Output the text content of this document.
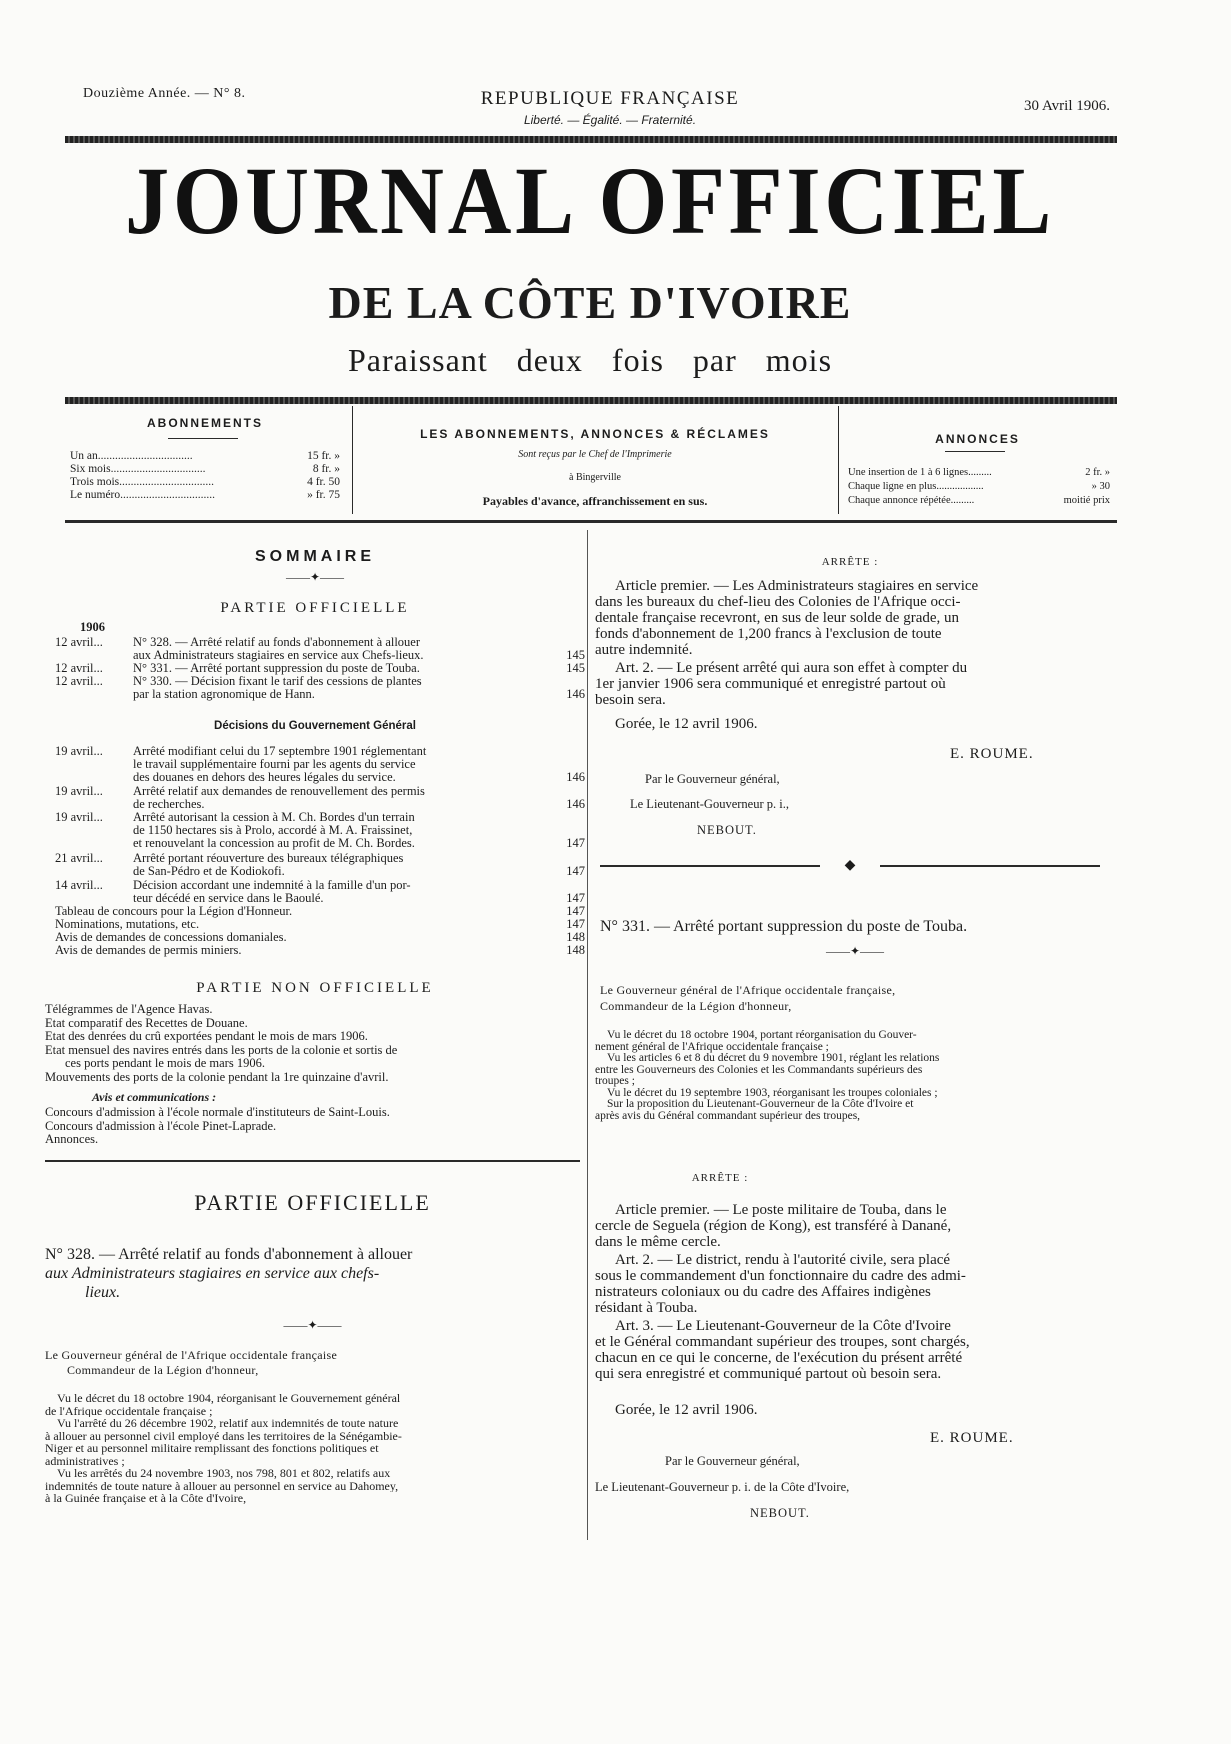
Douzième Année. — N° 8.	REPUBLIQUE FRANÇAISE
Liberté. — Égalité. — Fraternité.
30 Avril 1906.
JOURNAL OFFICIEL
DE LA CÔTE D'IVOIRE
Paraissant deux fois par mois
ABONNEMENTS
Un an.................................	15 fr. »
Six mois.................................	8 fr. »
Trois mois.................................	4 fr. 50
Le numéro.................................	» fr. 75
LES ABONNEMENTS, ANNONCES & RÉCLAMES
Sont reçus par le Chef de l'Imprimerie
à Bingerville
Payables d'avance, affranchissement en sus.
ANNONCES
Une insertion de 1 à 6 lignes.........	2 fr. »
Chaque ligne en plus..................	» 30
Chaque annonce répétée.........	moitié prix
SOMMAIRE
——✦——
PARTIE OFFICIELLE
1906
12 avril... N° 328. — Arrêté relatif au fonds d'abonnement à allouer
aux Administrateurs stagiaires en service aux Chefs-lieux.	145
12 avril... N° 331. — Arrêté portant suppression du poste de Touba.	145
12 avril... N° 330. — Décision fixant le tarif des cessions de plantes
par la station agronomique de Hann.	146
Décisions du Gouvernement Général
19 avril... Arrêté modifiant celui du 17 septembre 1901 réglementant
le travail supplémentaire fourni par les agents du service
des douanes en dehors des heures légales du service.	146
19 avril... Arrêté relatif aux demandes de renouvellement des permis
de recherches.	146
19 avril... Arrêté autorisant la cession à M. Ch. Bordes d'un terrain
de 1150 hectares sis à Prolo, accordé à M. A. Fraissinet,
et renouvelant la concession au profit de M. Ch. Bordes.	147
21 avril... Arrêté portant réouverture des bureaux télégraphiques
de San-Pédro et de Kodiokofi.	147
14 avril... Décision accordant une indemnité à la famille d'un por-
teur décédé en service dans le Baoulé.	147
Tableau de concours pour la Légion d'Honneur.	147
Nominations, mutations, etc.	147
Avis de demandes de concessions domaniales.	148
Avis de demandes de permis miniers.	148
PARTIE NON OFFICIELLE
Télégrammes de l'Agence Havas.
Etat comparatif des Recettes de Douane.
Etat des denrées du crû exportées pendant le mois de mars 1906.
Etat mensuel des navires entrés dans les ports de la colonie et sortis de
ces ports pendant le mois de mars 1906.
Mouvements des ports de la colonie pendant la 1re quinzaine d'avril.
Avis et communications :
Concours d'admission à l'école normale d'instituteurs de Saint-Louis.
Concours d'admission à l'école Pinet-Laprade.
Annonces.
PARTIE OFFICIELLE
N° 328. — Arrêté relatif au fonds d'abonnement à allouer
aux Administrateurs stagiaires en service aux chefs-
lieux.
——✦——
Le Gouverneur général de l'Afrique occidentale française
Commandeur de la Légion d'honneur,
Vu le décret du 18 octobre 1904, réorganisant le Gouvernement général
de l'Afrique occidentale française ;
Vu l'arrêté du 26 décembre 1902, relatif aux indemnités de toute nature
à allouer au personnel civil employé dans les territoires de la Sénégambie-
Niger et au personnel militaire remplissant des fonctions politiques et
administratives ;
Vu les arrêtés du 24 novembre 1903, nos 798, 801 et 802, relatifs aux
indemnités de toute nature à allouer au personnel en service au Dahomey,
à la Guinée française et à la Côte d'Ivoire,
ARRÊTE :
Article premier. — Les Administrateurs stagiaires en service
dans les bureaux du chef-lieu des Colonies de l'Afrique occi-
dentale française recevront, en sus de leur solde de grade, un
fonds d'abonnement de 1,200 francs à l'exclusion de toute
autre indemnité.
Art. 2. — Le présent arrêté qui aura son effet à compter du
1er janvier 1906 sera communiqué et enregistré partout où
besoin sera.
Gorée, le 12 avril 1906.
E. ROUME.
Par le Gouverneur général,
Le Lieutenant-Gouverneur p. i.,
NEBOUT.
◆
N° 331. — Arrêté portant suppression du poste de Touba.
——✦——
Le Gouverneur général de l'Afrique occidentale française,
Commandeur de la Légion d'honneur,
Vu le décret du 18 octobre 1904, portant réorganisation du Gouver-
nement général de l'Afrique occidentale française ;
Vu les articles 6 et 8 du décret du 9 novembre 1901, réglant les relations
entre les Gouverneurs des Colonies et les Commandants supérieurs des
troupes ;
Vu le décret du 19 septembre 1903, réorganisant les troupes coloniales ;
Sur la proposition du Lieutenant-Gouverneur de la Côte d'Ivoire et
après avis du Général commandant supérieur des troupes,
ARRÊTE :
Article premier. — Le poste militaire de Touba, dans le
cercle de Seguela (région de Kong), est transféré à Danané,
dans le même cercle.
Art. 2. — Le district, rendu à l'autorité civile, sera placé
sous le commandement d'un fonctionnaire du cadre des admi-
nistrateurs coloniaux ou du cadre des Affaires indigènes
résidant à Touba.
Art. 3. — Le Lieutenant-Gouverneur de la Côte d'Ivoire
et le Général commandant supérieur des troupes, sont chargés,
chacun en ce qui le concerne, de l'exécution du présent arrêté
qui sera enregistré et communiqué partout où besoin sera.
Gorée, le 12 avril 1906.
E. ROUME.
Par le Gouverneur général,
Le Lieutenant-Gouverneur p. i. de la Côte d'Ivoire,
NEBOUT.
